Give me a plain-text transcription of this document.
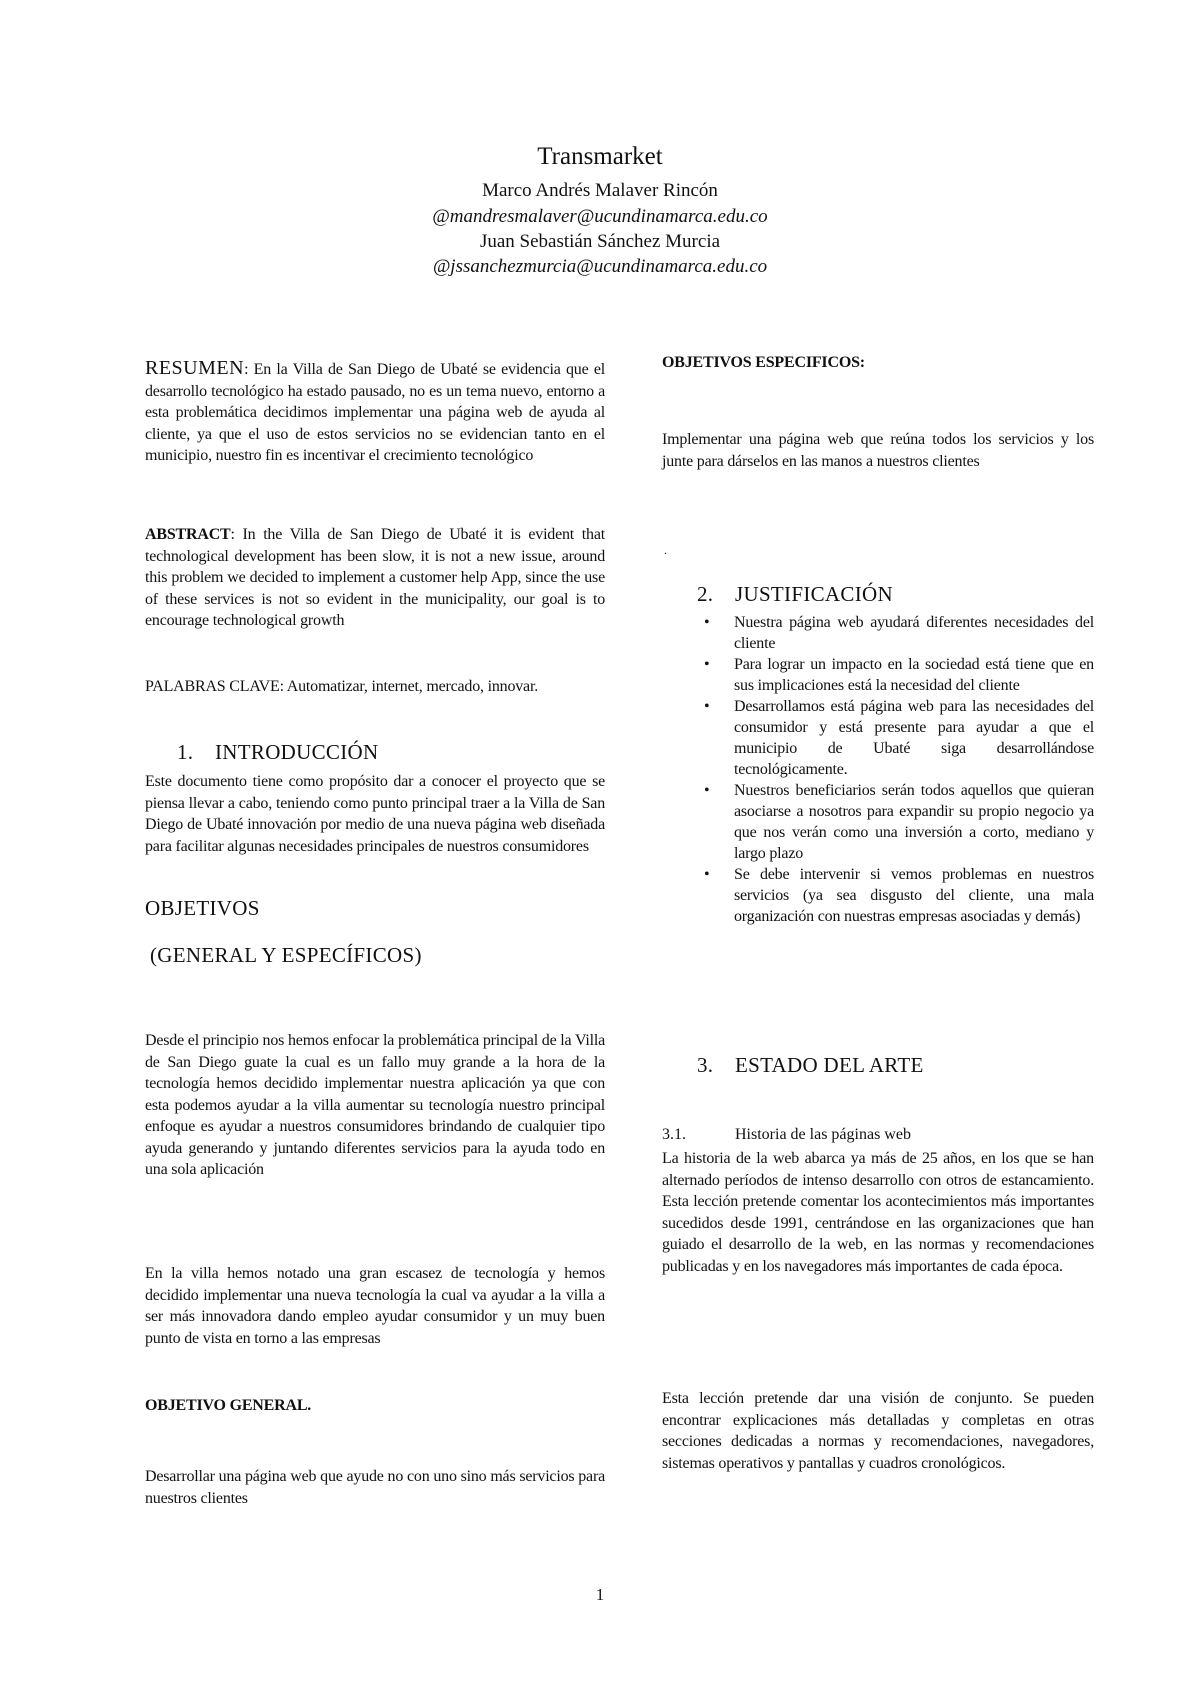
Transmarket
Marco Andrés Malaver Rincón
@mandresmalaver@ucundinamarca.edu.co
Juan Sebastián Sánchez Murcia
@jssanchezmurcia@ucundinamarca.edu.co
RESUMEN: En la Villa de San Diego de Ubaté se evidencia que el desarrollo tecnológico ha estado pausado, no es un tema nuevo, entorno a esta problemática decidimos implementar una página web de ayuda al cliente, ya que el uso de estos servicios no se evidencian tanto en el municipio, nuestro fin es incentivar el crecimiento tecnológico
ABSTRACT: In the Villa de San Diego de Ubaté it is evident that technological development has been slow, it is not a new issue, around this problem we decided to implement a customer help App, since the use of these services is not so evident in the municipality, our goal is to encourage technological growth
PALABRAS CLAVE: Automatizar, internet, mercado, innovar.
1. INTRODUCCIÓN
Este documento tiene como propósito dar a conocer el proyecto que se piensa llevar a cabo, teniendo como punto principal traer a la Villa de San Diego de Ubaté innovación por medio de una nueva página web diseñada para facilitar algunas necesidades principales de nuestros consumidores
OBJETIVOS
(GENERAL Y ESPECÍFICOS)
Desde el principio nos hemos enfocar la problemática principal de la Villa de San Diego guate la cual es un fallo muy grande a la hora de la tecnología hemos decidido implementar nuestra aplicación ya que con esta podemos ayudar a la villa aumentar su tecnología nuestro principal enfoque es ayudar a nuestros consumidores brindando de cualquier tipo ayuda generando y juntando diferentes servicios para la ayuda todo en una sola aplicación
En la villa hemos notado una gran escasez de tecnología y hemos decidido implementar una nueva tecnología la cual va ayudar a la villa a ser más innovadora dando empleo ayudar consumidor y un muy buen punto de vista en torno a las empresas
OBJETIVO GENERAL.
Desarrollar una página web que ayude no con uno sino más servicios para nuestros clientes
OBJETIVOS ESPECIFICOS:
Implementar una página web que reúna todos los servicios y los junte para dárselos en las manos a nuestros clientes
2. JUSTIFICACIÓN
• Nuestra página web ayudará diferentes necesidades del cliente
• Para lograr un impacto en la sociedad está tiene que en sus implicaciones está la necesidad del cliente
• Desarrollamos está página web para las necesidades del consumidor y está presente para ayudar a que el municipio de Ubaté siga desarrollándose tecnológicamente.
• Nuestros beneficiarios serán todos aquellos que quieran asociarse a nosotros para expandir su propio negocio ya que nos verán como una inversión a corto, mediano y largo plazo
• Se debe intervenir si vemos problemas en nuestros servicios (ya sea disgusto del cliente, una mala organización con nuestras empresas asociadas y demás)
3. ESTADO DEL ARTE
3.1.	Historia de las páginas web
La historia de la web abarca ya más de 25 años, en los que se han alternado períodos de intenso desarrollo con otros de estancamiento. Esta lección pretende comentar los acontecimientos más importantes sucedidos desde 1991, centrándose en las organizaciones que han guiado el desarrollo de la web, en las normas y recomendaciones publicadas y en los navegadores más importantes de cada época.
Esta lección pretende dar una visión de conjunto. Se pueden encontrar explicaciones más detalladas y completas en otras secciones dedicadas a normas y recomendaciones, navegadores, sistemas operativos y pantallas y cuadros cronológicos.
.
1
